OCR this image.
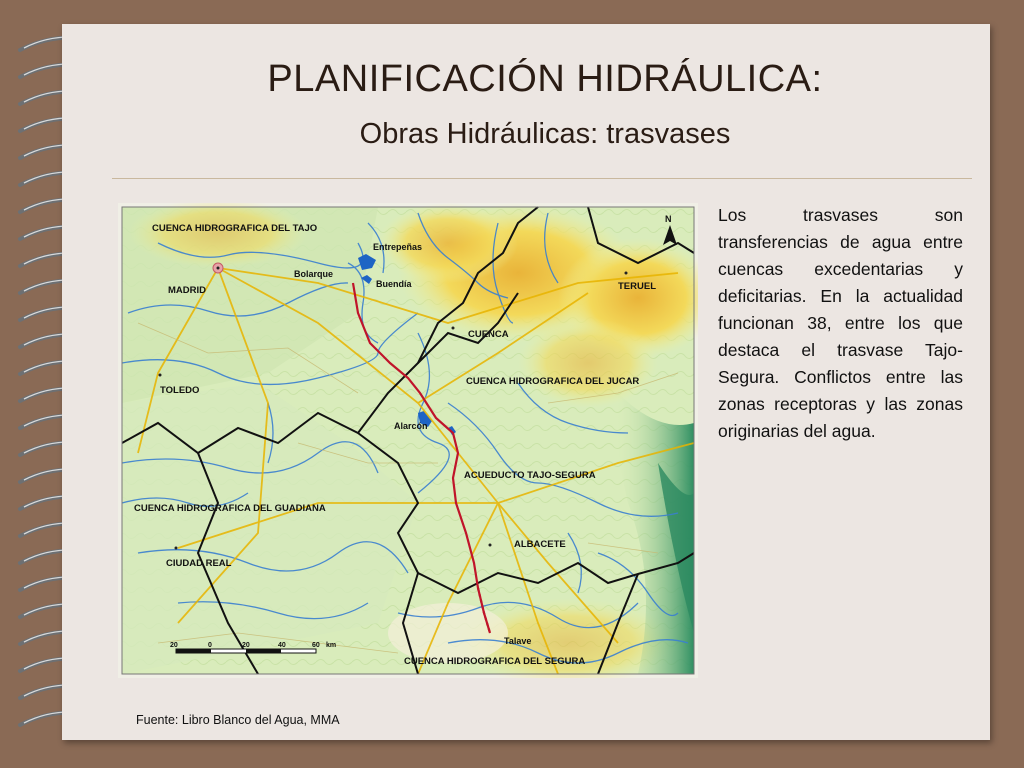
PLANIFICACIÓN HIDRÁULICA:
Obras Hidráulicas: trasvases
20	0	20	40	60 km
N
CUENCA HIDROGRAFICA DEL TAJO
Entrepeñas
Bolarque
Buendía
MADRID	TERUEL
CUENCA
CUENCA HIDROGRAFICA DEL JUCAR
TOLEDO
Alarcón
ACUEDUCTO TAJO-SEGURA
CUENCA HIDROGRAFICA DEL GUADIANA
ALBACETE
CIUDAD REAL
Talave
CUENCA HIDROGRAFICA DEL SEGURA

Los trasvases son transferencias de agua entre cuencas excedentarias y deficitarias. En la actualidad funcionan 38, entre los que destaca el trasvase Tajo-Segura. Conflictos entre las zonas receptoras y las zonas originarias del agua.

Fuente: Libro Blanco del Agua, MMA
